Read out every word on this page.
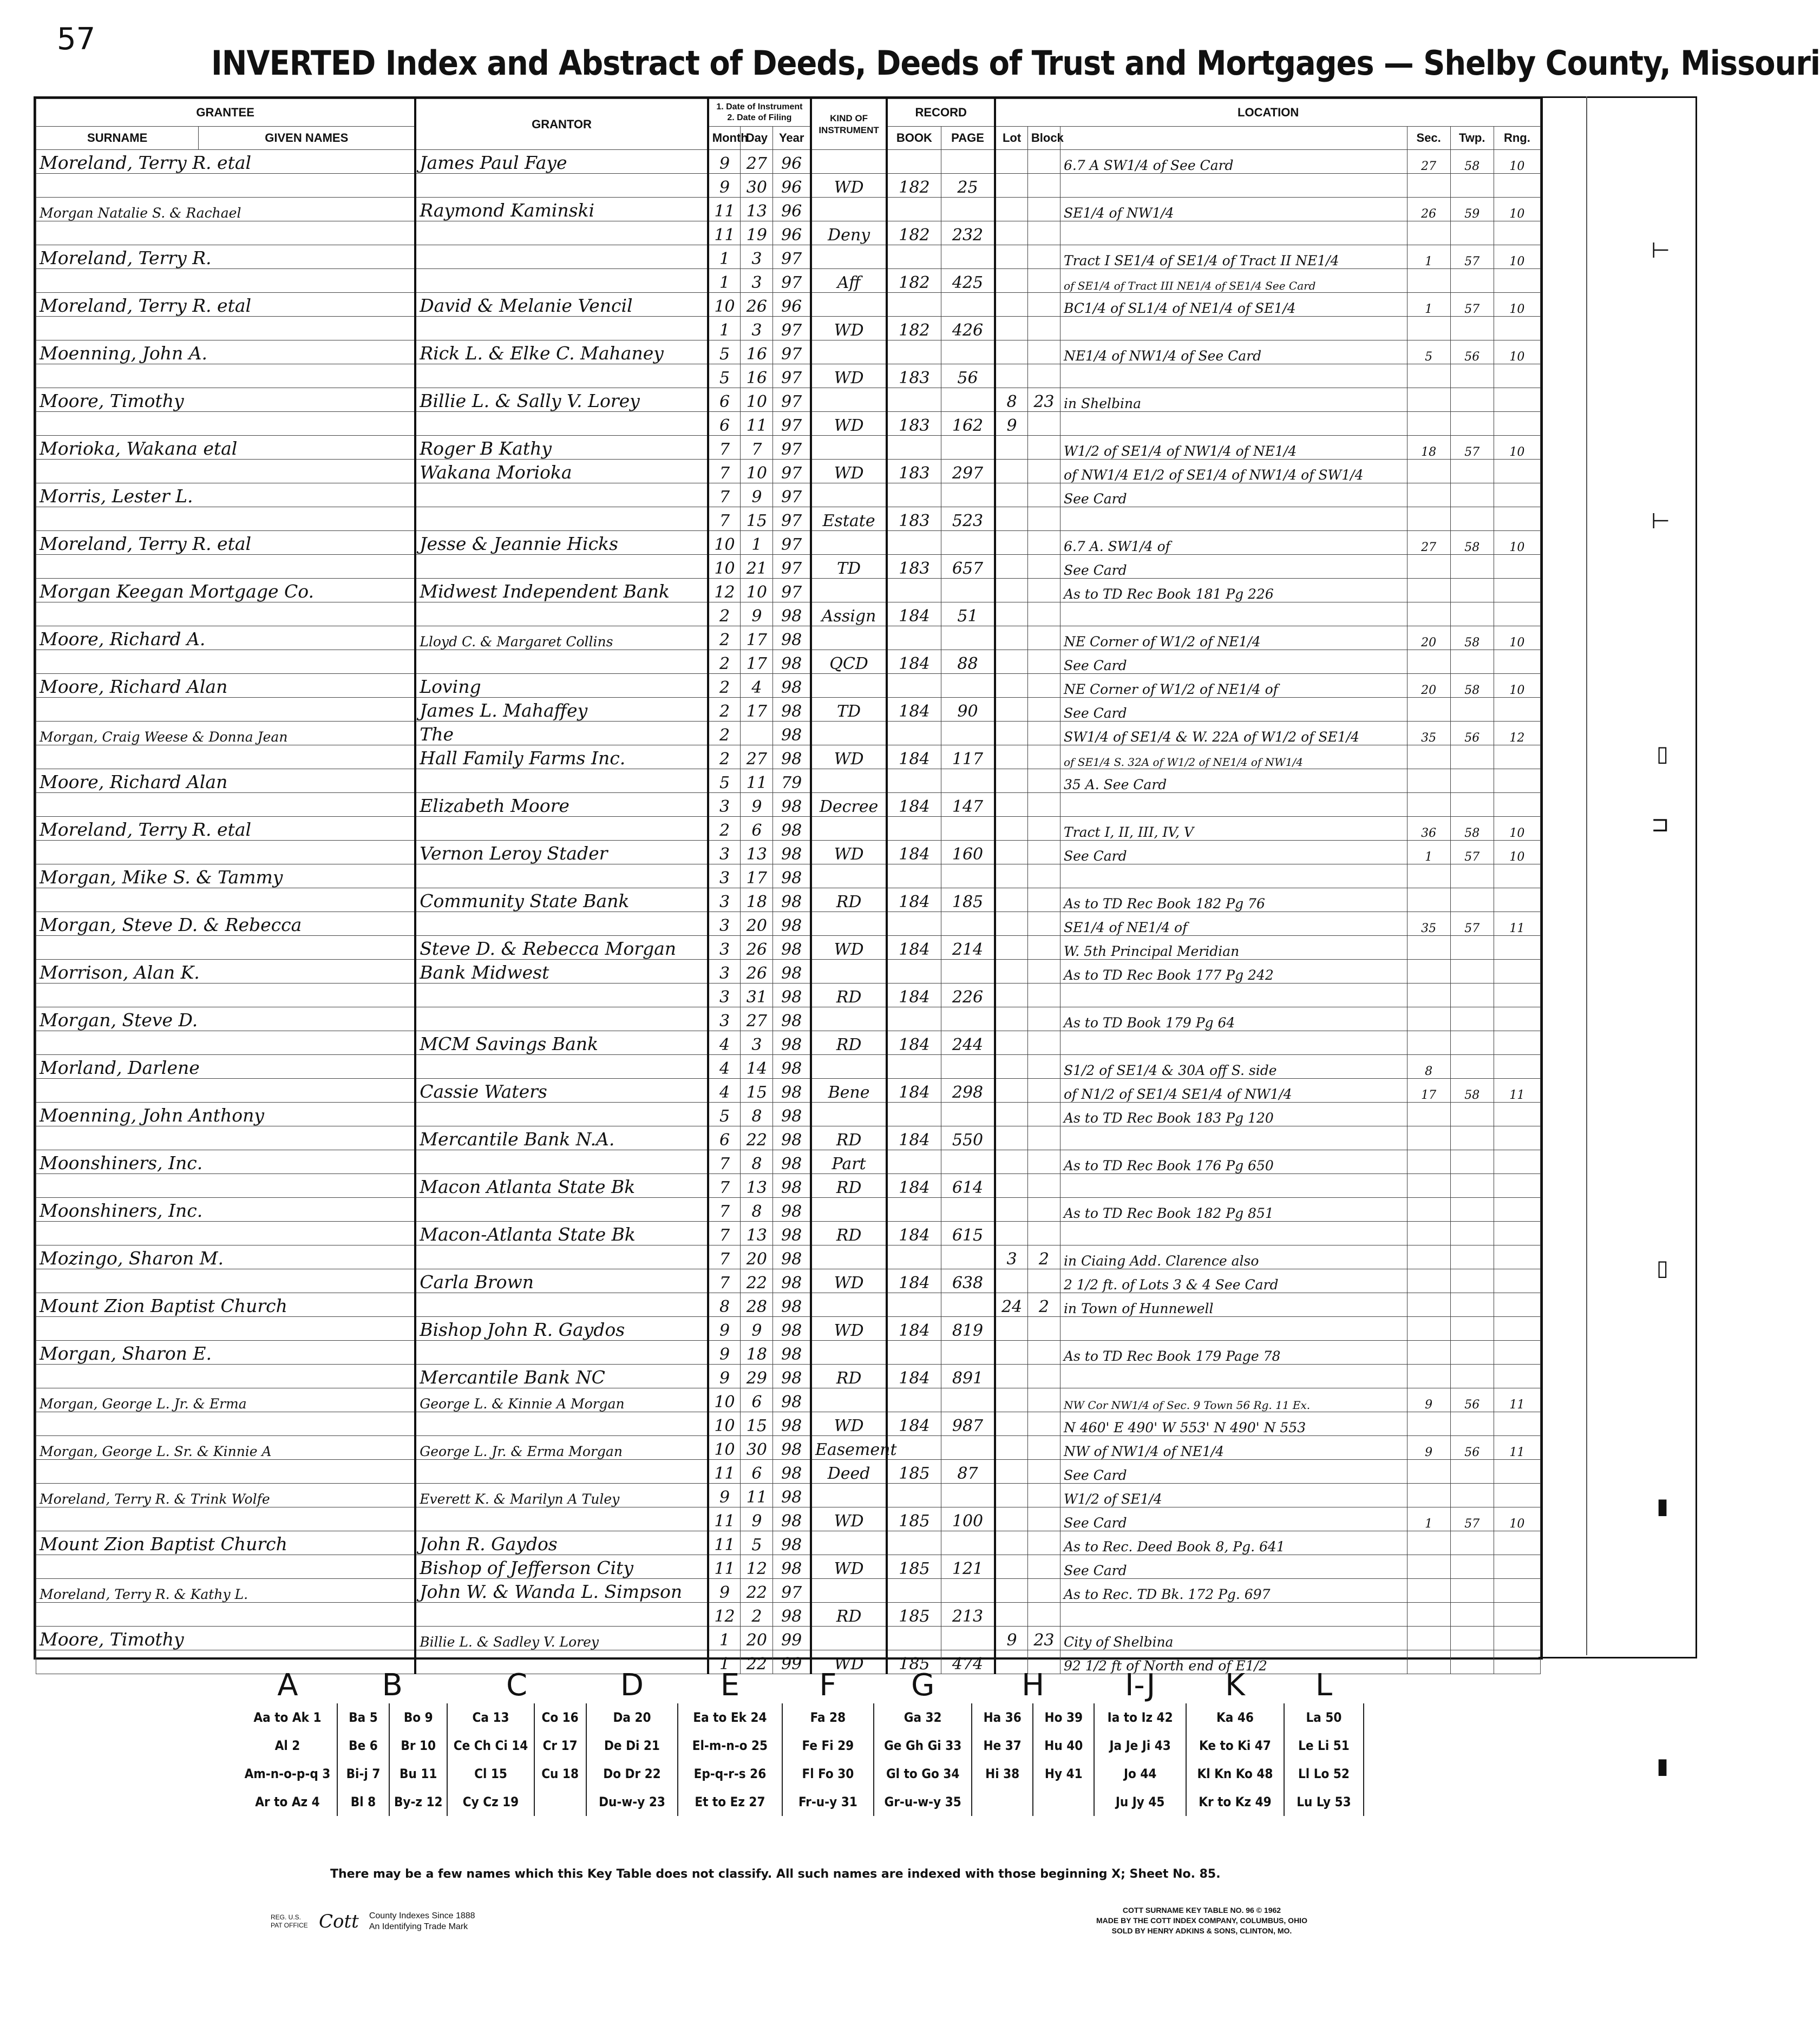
57
INVERTED Index and Abstract of Deeds, Deeds of Trust and Mortgages — Shelby County, Missouri
GRANTEE		GRANTOR	1. Date of Instrument 2. Date of Filing			KIND OF INSTRUMENT	RECORD		LOCATION					
SURNAME	GIVEN NAMES		Month	Day	Year		BOOK	PAGE	Lot	Block		Sec.	Twp.	Rng.
Moreland, Terry R. etal		James Paul Faye	9	27	96						6.7 A SW1/4 of See Card	27	58	10
			9	30	96	WD	182	25						
Morgan Natalie S. & Rachael		Raymond Kaminski	11	13	96						SE1/4 of NW1/4	26	59	10
			11	19	96	Deny	182	232						
Moreland, Terry R.			1	3	97						Tract I SE1/4 of SE1/4 of Tract II NE1/4	1	57	10
			1	3	97	Aff	182	425			of SE1/4 of Tract III NE1/4 of SE1/4 See Card			
Moreland, Terry R. etal		David & Melanie Vencil	10	26	96						BC1/4 of SL1/4 of NE1/4 of SE1/4	1	57	10
			1	3	97	WD	182	426						
Moenning, John A.		Rick L. & Elke C. Mahaney	5	16	97						NE1/4 of NW1/4 of See Card	5	56	10
			5	16	97	WD	183	56						
Moore, Timothy		Billie L. & Sally V. Lorey	6	10	97				8	23	in Shelbina			
			6	11	97	WD	183	162	9					
Morioka, Wakana etal		Roger B Kathy	7	7	97						W1/2 of SE1/4 of NW1/4 of NE1/4	18	57	10
		Wakana Morioka	7	10	97	WD	183	297			of NW1/4 E1/2 of SE1/4 of NW1/4 of SW1/4			
Morris, Lester L.			7	9	97						See Card			
			7	15	97	Estate	183	523						
Moreland, Terry R. etal		Jesse & Jeannie Hicks	10	1	97						6.7 A. SW1/4 of	27	58	10
			10	21	97	TD	183	657			See Card			
Morgan Keegan Mortgage Co.		Midwest Independent Bank	12	10	97						As to TD Rec Book 181 Pg 226			
			2	9	98	Assign	184	51						
Moore, Richard A.		Lloyd C. & Margaret Collins	2	17	98						NE Corner of W1/2 of NE1/4	20	58	10
			2	17	98	QCD	184	88			See Card			
Moore, Richard Alan		Loving	2	4	98						NE Corner of W1/2 of NE1/4 of	20	58	10
		James L. Mahaffey	2	17	98	TD	184	90			See Card			
Morgan, Craig Weese & Donna Jean		The	2		98						SW1/4 of SE1/4 & W. 22A of W1/2 of SE1/4	35	56	12
		Hall Family Farms Inc.	2	27	98	WD	184	117			of SE1/4 S. 32A of W1/2 of NE1/4 of NW1/4			
Moore, Richard Alan			5	11	79						35 A. See Card			
		Elizabeth Moore	3	9	98	Decree	184	147						
Moreland, Terry R. etal			2	6	98						Tract I, II, III, IV, V	36	58	10
		Vernon Leroy Stader	3	13	98	WD	184	160			See Card	1	57	10
Morgan, Mike S. & Tammy			3	17	98									
		Community State Bank	3	18	98	RD	184	185			As to TD Rec Book 182 Pg 76			
Morgan, Steve D. & Rebecca			3	20	98						SE1/4 of NE1/4 of	35	57	11
		Steve D. & Rebecca Morgan	3	26	98	WD	184	214			W. 5th Principal Meridian			
Morrison, Alan K.		Bank Midwest	3	26	98						As to TD Rec Book 177 Pg 242			
			3	31	98	RD	184	226						
Morgan, Steve D.			3	27	98						As to TD Book 179 Pg 64			
		MCM Savings Bank	4	3	98	RD	184	244						
Morland, Darlene			4	14	98						S1/2 of SE1/4 & 30A off S. side	8		
		Cassie Waters	4	15	98	Bene	184	298			of N1/2 of SE1/4 SE1/4 of NW1/4	17	58	11
Moenning, John Anthony			5	8	98						As to TD Rec Book 183 Pg 120			
		Mercantile Bank N.A.	6	22	98	RD	184	550						
Moonshiners, Inc.			7	8	98	Part					As to TD Rec Book 176 Pg 650			
		Macon Atlanta State Bk	7	13	98	RD	184	614						
Moonshiners, Inc.			7	8	98						As to TD Rec Book 182 Pg 851			
		Macon-Atlanta State Bk	7	13	98	RD	184	615						
Mozingo, Sharon M.			7	20	98				3	2	in Ciaing Add. Clarence also			
		Carla Brown	7	22	98	WD	184	638			2 1/2 ft. of Lots 3 & 4 See Card			
Mount Zion Baptist Church			8	28	98				24	2	in Town of Hunnewell			
		Bishop John R. Gaydos	9	9	98	WD	184	819						
Morgan, Sharon E.			9	18	98						As to TD Rec Book 179 Page 78			
		Mercantile Bank NC	9	29	98	RD	184	891						
Morgan, George L. Jr. & Erma		George L. & Kinnie A Morgan	10	6	98						NW Cor NW1/4 of Sec. 9 Town 56 Rg. 11 Ex.	9	56	11
			10	15	98	WD	184	987			N 460' E 490' W 553' N 490' N 553			
Morgan, George L. Sr. & Kinnie A		George L. Jr. & Erma Morgan	10	30	98	Easement					NW of NW1/4 of NE1/4	9	56	11
			11	6	98	Deed	185	87			See Card			
Moreland, Terry R. & Trink Wolfe		Everett K. & Marilyn A Tuley	9	11	98						W1/2 of SE1/4			
			11	9	98	WD	185	100			See Card	1	57	10
Mount Zion Baptist Church		John R. Gaydos	11	5	98						As to Rec. Deed Book 8, Pg. 641			
		Bishop of Jefferson City	11	12	98	WD	185	121			See Card			
Moreland, Terry R. & Kathy L.		John W. & Wanda L. Simpson	9	22	97						As to Rec. TD Bk. 172 Pg. 697			
			12	2	98	RD	185	213						
Moore, Timothy		Billie L. & Sadley V. Lorey	1	20	99				9	23	City of Shelbina			
			1	22	99	WD	185	474			92 1/2 ft of North end of E1/2			
⊢
⊢
▯
⊐
▯
▮
▮
A	B		C		D	E	F	G	H		I-J	K	L
Aa to Ak 1	Ba 5	Bo 9	Ca 13	Co 16	Da 20	Ea to Ek 24	Fa 28	Ga 32	Ha 36	Ho 39	Ia to Iz 42	Ka 46	La 50
Al 2	Be 6	Br 10	Ce Ch Ci 14	Cr 17	De Di 21	El-m-n-o 25	Fe Fi 29	Ge Gh Gi 33	He 37	Hu 40	Ja Je Ji 43	Ke to Ki 47	Le Li 51
Am-n-o-p-q 3	Bi-j 7	Bu 11	Cl 15	Cu 18	Do Dr 22	Ep-q-r-s 26	Fl Fo 30	Gl to Go 34	Hi 38	Hy 41	Jo 44	Kl Kn Ko 48	Ll Lo 52
Ar to Az 4	Bl 8	By-z 12	Cy Cz 19		Du-w-y 23	Et to Ez 27	Fr-u-y 31	Gr-u-w-y 35			Ju Jy 45	Kr to Kz 49	Lu Ly 53
There may be a few names which this Key Table does not classify. All such names are indexed with those beginning X; Sheet No. 85.
REG. U.S. PAT OFFICE Cott County Indexes Since 1888
An Identifying Trade Mark
COTT SURNAME KEY TABLE NO. 96 © 1962
MADE BY THE COTT INDEX COMPANY, COLUMBUS, OHIO
SOLD BY HENRY ADKINS & SONS, CLINTON, MO.
